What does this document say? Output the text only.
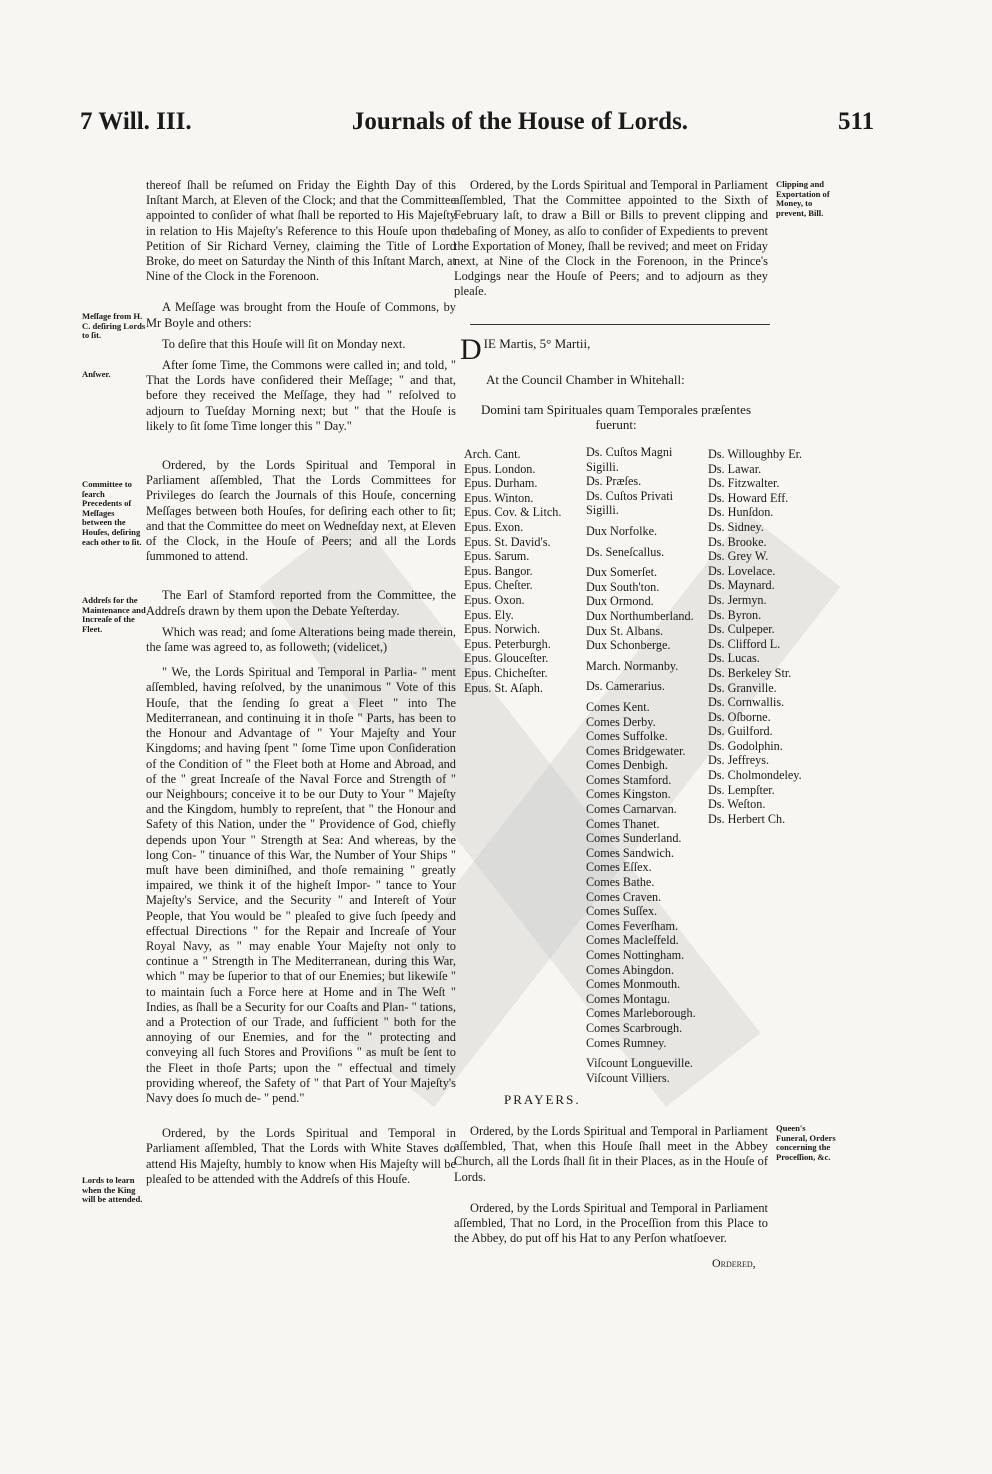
7 Will. III.	Journals of the House of Lords.	511
Meſſage from H. C. deſiring Lords to ſit.
Anſwer.
Committee to ſearch Precedents of Meſſages between the Houſes, deſiring each other to ſit.
Addreſs for the Maintenance and Increaſe of the Fleet.
Lords to learn when the King will be attended.

thereof ſhall be reſumed on Friday the Eighth Day of this Inſtant March, at Eleven of the Clock; and that the Committee appointed to conſider of what ſhall be reported to His Majeſty in relation to His Majeſty's Reference to this Houſe upon the Petition of Sir Richard Verney, claiming the Title of Lord Broke, do meet on Saturday the Ninth of this Inſtant March, at Nine of the Clock in the Forenoon.

A Meſſage was brought from the Houſe of Commons, by Mr Boyle and others:

To deſire that this Houſe will ſit on Monday next.

After ſome Time, the Commons were called in; and told, " That the Lords have conſidered their Meſſage; " and that, before they received the Meſſage, they had " reſolved to adjourn to Tueſday Morning next; but " that the Houſe is likely to ſit ſome Time longer this " Day."

Ordered, by the Lords Spiritual and Temporal in Parliament aſſembled, That the Lords Committees for Privileges do ſearch the Journals of this Houſe, concerning Meſſages between both Houſes, for deſiring each other to ſit; and that the Committee do meet on Wedneſday next, at Eleven of the Clock, in the Houſe of Peers; and all the Lords ſummoned to attend.

The Earl of Stamford reported from the Committee, the Addreſs drawn by them upon the Debate Yeſterday.

Which was read; and ſome Alterations being made therein, the ſame was agreed to, as followeth; (videlicet,)

" We, the Lords Spiritual and Temporal in Parlia- " ment aſſembled, having reſolved, by the unanimous " Vote of this Houſe, that the ſending ſo great a Fleet " into The Mediterranean, and continuing it in thoſe " Parts, has been to the Honour and Advantage of " Your Majeſty and Your Kingdoms; and having ſpent " ſome Time upon Conſideration of the Condition of " the Fleet both at Home and Abroad, and of the " great Increaſe of the Naval Force and Strength of " our Neighbours; conceive it to be our Duty to Your " Majeſty and the Kingdom, humbly to repreſent, that " the Honour and Safety of this Nation, under the " Providence of God, chiefly depends upon Your " Strength at Sea: And whereas, by the long Con- " tinuance of this War, the Number of Your Ships " muſt have been diminiſhed, and thoſe remaining " greatly impaired, we think it of the higheſt Impor- " tance to Your Majeſty's Service, and the Security " and Intereſt of Your People, that You would be " pleaſed to give ſuch ſpeedy and effectual Directions " for the Repair and Increaſe of Your Royal Navy, as " may enable Your Majeſty not only to continue a " Strength in The Mediterranean, during this War, which " may be ſuperior to that of our Enemies; but likewiſe " to maintain ſuch a Force here at Home and in The Weſt " Indies, as ſhall be a Security for our Coaſts and Plan- " tations, and a Protection of our Trade, and ſufficient " both for the annoying of our Enemies, and for the " protecting and conveying all ſuch Stores and Proviſions " as muſt be ſent to the Fleet in thoſe Parts; upon the " effectual and timely providing whereof, the Safety of " that Part of Your Majeſty's Navy does ſo much de- " pend."

Ordered, by the Lords Spiritual and Temporal in Parliament aſſembled, That the Lords with White Staves do attend His Majeſty, humbly to know when His Majeſty will be pleaſed to be attended with the Addreſs of this Houſe.

Clipping and Exportation of Money, to prevent, Bill.
Queen's Funeral, Orders concerning the Proceſſion, &c.

Ordered, by the Lords Spiritual and Temporal in Parliament aſſembled, That the Committee appointed to the Sixth of February laſt, to draw a Bill or Bills to prevent clipping and debaſing of Money, as alſo to conſider of Expedients to prevent the Exportation of Money, ſhall be revived; and meet on Friday next, at Nine of the Clock in the Forenoon, in the Prince's Lodgings near the Houſe of Peers; and to adjourn as they pleaſe.

D IE Martis, 5° Martii,
At the Council Chamber in Whitehall:
Domini tam Spirituales quam Temporales præſentes fuerunt:
Arch. Cant.
Epus. London.
Epus. Durham.
Epus. Winton.
Epus. Cov. & Litch.
Epus. Exon.
Epus. St. David's.
Epus. Sarum.
Epus. Bangor.
Epus. Cheſter.
Epus. Oxon.
Epus. Ely.
Epus. Norwich.
Epus. Peterburgh.
Epus. Glouceſter.
Epus. Chicheſter.
Epus. St. Aſaph.
Ds. Cuſtos Magni
Sigilli.
Ds. Præſes.
Ds. Cuſtos Privati
Sigilli.
Dux Norfolke.
Ds. Seneſcallus.
Dux Somerſet.
Dux South'ton.
Dux Ormond.
Dux Northumberland.
Dux St. Albans.
Dux Schonberge.
March. Normanby.
Ds. Camerarius.
Comes Kent.
Comes Derby.
Comes Suffolke.
Comes Bridgewater.
Comes Denbigh.
Comes Stamford.
Comes Kingston.
Comes Carnarvan.
Comes Thanet.
Comes Sunderland.
Comes Sandwich.
Comes Eſſex.
Comes Bathe.
Comes Craven.
Comes Suſſex.
Comes Feverſham.
Comes Macleſfeld.
Comes Nottingham.
Comes Abingdon.
Comes Monmouth.
Comes Montagu.
Comes Marleborough.
Comes Scarbrough.
Comes Rumney.
Viſcount Longueville.
Viſcount Villiers.
Ds. Willoughby Er.
Ds. Lawar.
Ds. Fitzwalter.
Ds. Howard Eff.
Ds. Hunſdon.
Ds. Sidney.
Ds. Brooke.
Ds. Grey W.
Ds. Lovelace.
Ds. Maynard.
Ds. Jermyn.
Ds. Byron.
Ds. Culpeper.
Ds. Clifford L.
Ds. Lucas.
Ds. Berkeley Str.
Ds. Granville.
Ds. Cornwallis.
Ds. Oſborne.
Ds. Guilford.
Ds. Godolphin.
Ds. Jeffreys.
Ds. Cholmondeley.
Ds. Lempſter.
Ds. Weſton.
Ds. Herbert Ch.
PRAYERS.

Ordered, by the Lords Spiritual and Temporal in Parliament aſſembled, That, when this Houſe ſhall meet in the Abbey Church, all the Lords ſhall ſit in their Places, as in the Houſe of Lords.

Ordered, by the Lords Spiritual and Temporal in Parliament aſſembled, That no Lord, in the Proceſſion from this Place to the Abbey, do put off his Hat to any Perſon whatſoever.

Ordered,
